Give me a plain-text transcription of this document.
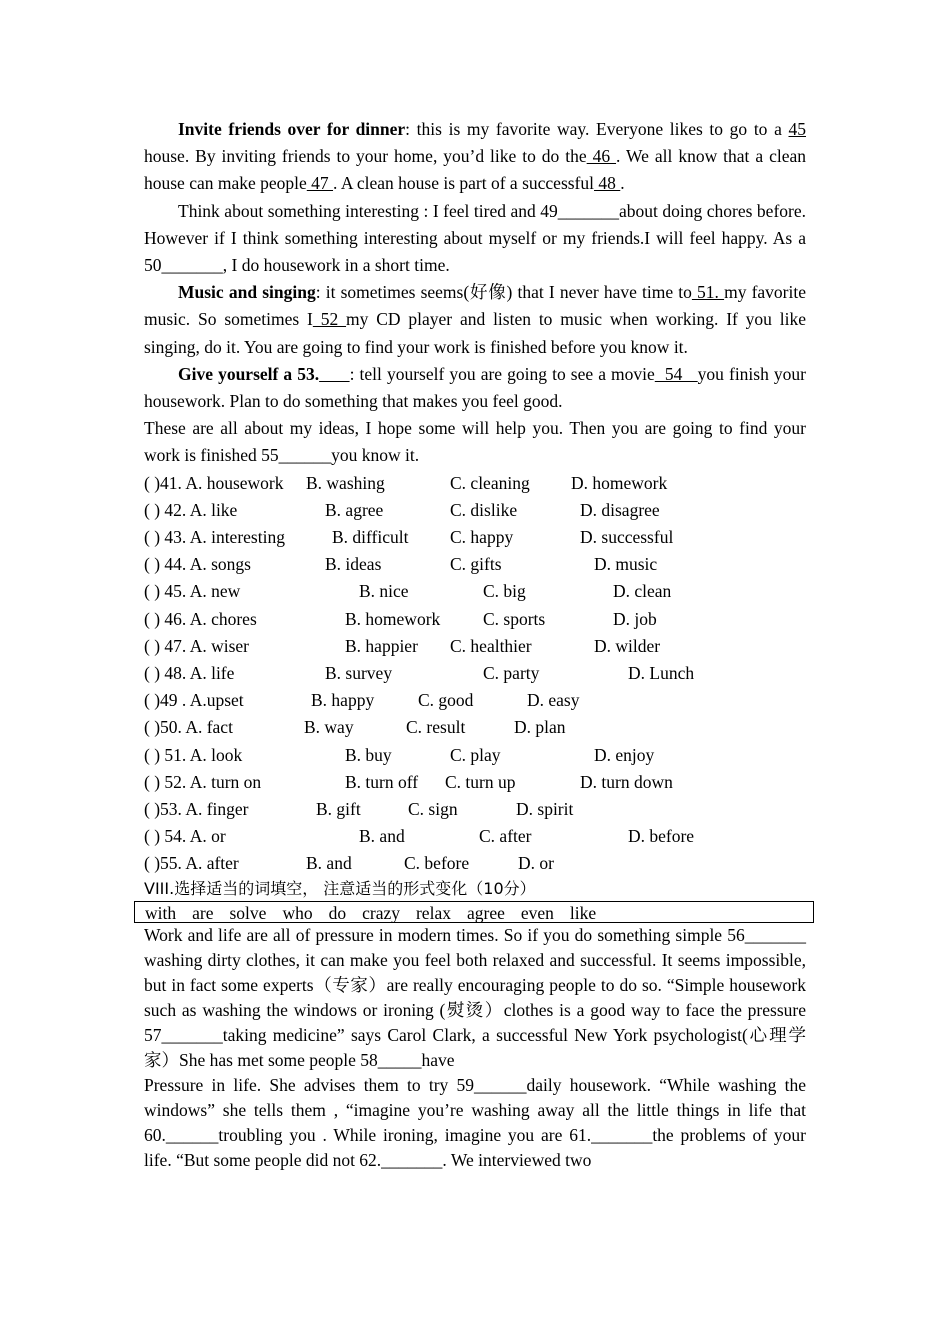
Invite friends over for dinner: this is my favorite way. Everyone likes to go to a 45 house. By inviting friends to your home, you’d like to do the 46 . We all know that a clean house can make people 47 . A clean house is part of a successful 48 .

Think about something interesting : I feel tired and 49_______about doing chores before. However if I think something interesting about myself or my friends.I will feel happy. As a 50_______, I do housework in a short time.

Music and singing: it sometimes seems(好像) that I never have time to 51. my favorite music. So sometimes I 52 my CD player and listen to music when working. If you like singing, do it. You are going to find your work is finished before you know it.

Give yourself a 53. : tell yourself you are going to see a movie  54   you finish your housework. Plan to do something that makes you feel good.

These are all about my ideas, I hope some will help you. Then you are going to find your work is finished 55______you know it.

( )41. A. housework B. washing	C. cleaning D. homework
( ) 42. A. like	B. agree	C. dislike	D. disagree
( ) 43. A. interesting	B. difficult C. happy	D. successful
( ) 44. A. songs	B. ideas	C. gifts	D. music
( ) 45. A. new	B. nice	C. big	D. clean
( ) 46. A. chores	B. homework C. sports	D. job
( ) 47. A. wiser	B. happier C. healthier	D. wilder
( ) 48. A. life	B. survey	C. party	D. Lunch
( )49 . A.upset	B. happy	C. good	D. easy
( )50. A. fact	B. way	C. result	D. plan
( ) 51. A. look	B. buy	C. play	D. enjoy
( ) 52. A. turn on	B. turn off C. turn up	D. turn down
( )53. A. finger	B. gift	C. sign	D. spirit
( ) 54. A. or	B. and	C. after	D. before
( )55. A. after	B. and	C. before	D. or
VIII.选择适当的词填空， 注意适当的形式变化（10分）
with are solve who do crazy relax agree even like

Work and life are all of pressure in modern times. So if you do something simple 56_______ washing dirty clothes, it can make you feel both relaxed and successful. It seems impossible, but in fact some experts（专家）are really encouraging people to do so. “Simple housework such as washing the windows or ironing (熨烫）clothes is a good way to face the pressure 57_______taking medicine” says Carol Clark, a successful New York psychologist(心理学家）She has met some people 58_____have

Pressure in life. She advises them to try 59______daily housework. “While washing the windows” she tells them , “imagine you’re washing away all the little things in life that 60.______troubling you . While ironing, imagine you are 61._______the problems of your life. “But some people did not 62._______. We interviewed two
